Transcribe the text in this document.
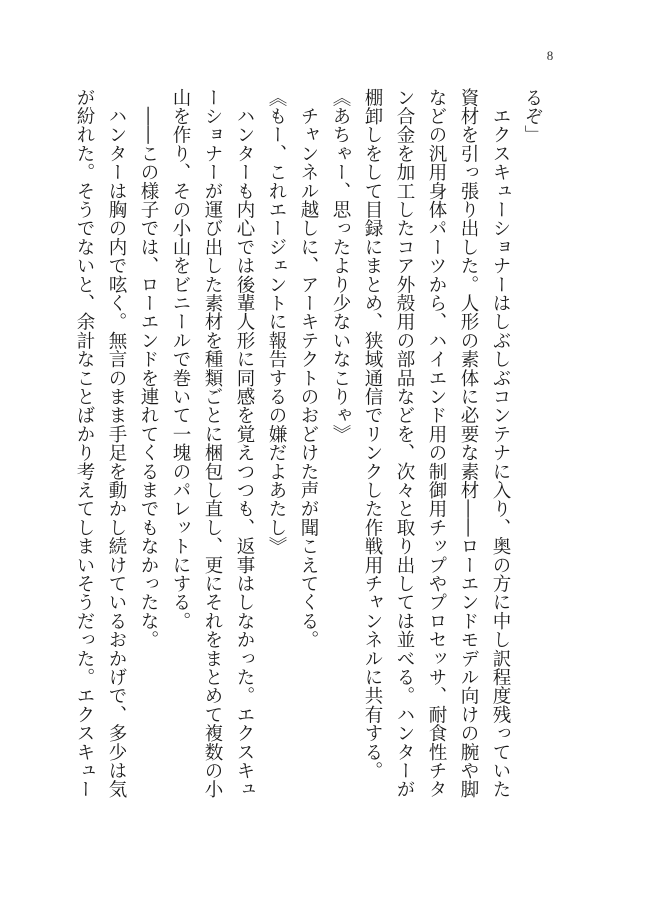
8
るぞ」
　エクスキューショナーはしぶしぶコンテナに入り、奥の方に中し訳程度残っていた
資材を引っ張り出した。人形の素体に必要な素材――ローエンドモデル向けの腕や脚
などの汎用身体パーツから、ハイエンド用の制御用チップやプロセッサ、耐食性チタ
ン合金を加工したコア外殻用の部品などを、次々と取り出しては並べる。ハンターが
棚卸しをして目録にまとめ、狭域通信でリンクした作戦用チャンネルに共有する。
《あちゃー、思ったより少ないなこりゃ》
　チャンネル越しに、アーキテクトのおどけた声が聞こえてくる。
《もー、これエージェントに報告するの嫌だよあたし》
　ハンターも内心では後輩人形に同感を覚えつつも、返事はしなかった。エクスキュ
ーショナーが運び出した素材を種類ごとに梱包し直し、更にそれをまとめて複数の小
山を作り、その小山をビニールで巻いて一塊のパレットにする。
　――この様子では、ローエンドを連れてくるまでもなかったな。
　ハンターは胸の内で呟く。無言のまま手足を動かし続けているおかげで、多少は気
が紛れた。そうでないと、余計なことばかり考えてしまいそうだった。エクスキュー
